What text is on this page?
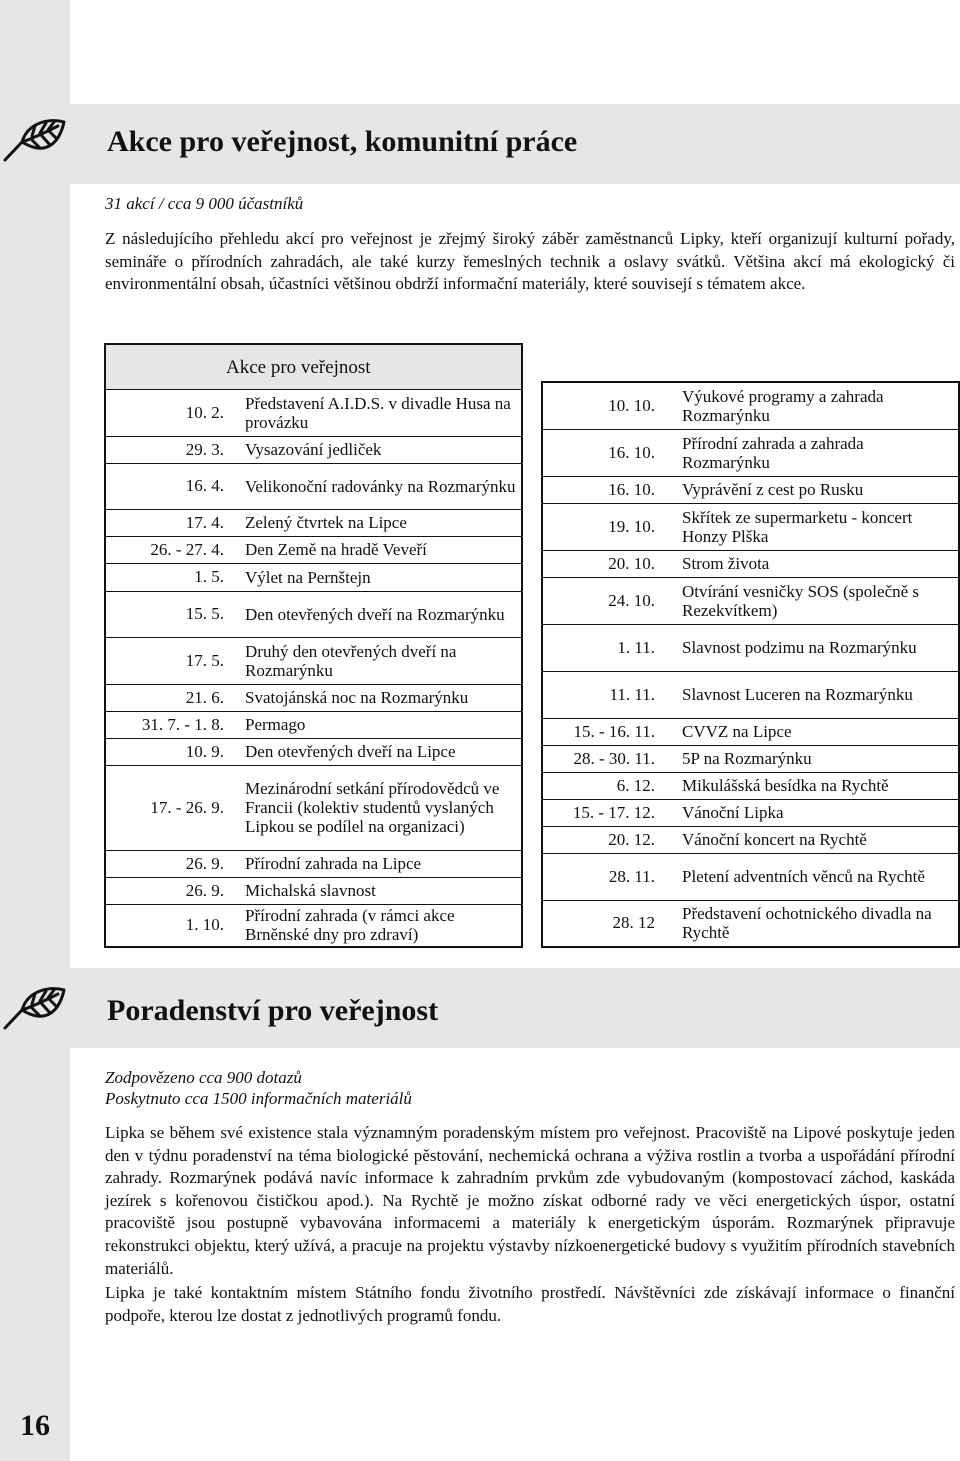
Akce pro veřejnost, komunitní práce
31 akcí / cca 9 000 účastníků

Z následujícího přehledu akcí pro veřejnost je zřejmý široký záběr zaměstnanců Lipky, kteří organizují kulturní pořady, semináře o přírodních zahradách, ale také kurzy řemeslných technik a oslavy svátků. Většina akcí má ekologický či environmentální obsah, účastníci většinou obdrží informační materiály, které souvisejí s tématem akce.

Akce pro veřejnost
10. 2. Představení A.I.D.S. v divadle Husa na provázku
29. 3. Vysazování jedliček
16. 4. Velikonoční radovánky na Rozmarýnku
17. 4. Zelený čtvrtek na Lipce
26. - 27. 4. Den Země na hradě Veveří
1. 5. Výlet na Pernštejn
15. 5. Den otevřených dveří na Rozmarýnku
17. 5. Druhý den otevřených dveří na Rozmarýnku
21. 6. Svatojánská noc na Rozmarýnku
31. 7. - 1. 8. Permago
10. 9. Den otevřených dveří na Lipce
17. - 26. 9.
Mezinárodní setkání přírodovědců ve Francii (kolektiv studentů vyslaných Lipkou se podílel na organizaci)
26. 9. Přírodní zahrada na Lipce
26. 9. Michalská slavnost
1. 10. Přírodní zahrada (v rámci akce Brněnské dny pro zdraví)
10. 10. Výukové programy a zahrada Rozmarýnku
16. 10. Přírodní zahrada a zahrada Rozmarýnku
16. 10. Vyprávění z cest po Rusku
19. 10. Skřítek ze supermarketu - koncert Honzy Plška
20. 10. Strom života
24. 10. Otvírání vesničky SOS (společně s Rezekvítkem)
1. 11. Slavnost podzimu na Rozmarýnku
11. 11. Slavnost Luceren na Rozmarýnku
15. - 16. 11. CVVZ na Lipce
28. - 30. 11. 5P na Rozmarýnku
6. 12. Mikulášská besídka na Rychtě
15. - 17. 12. Vánoční Lipka
20. 12. Vánoční koncert na Rychtě
28. 11. Pletení adventních věnců na Rychtě
28. 12 Představení ochotnického divadla na Rychtě
Poradenství pro veřejnost
Zodpovězeno cca 900 dotazů
Poskytnuto cca 1500 informačních materiálů

Lipka se během své existence stala významným poradenským místem pro veřejnost. Pracoviště na Lipové poskytuje jeden den v týdnu poradenství na téma biologické pěstování, nechemická ochrana a výživa rostlin a tvorba a uspořádání přírodní zahrady. Rozmarýnek podává navíc informace k zahradním prvkům zde vybudovaným (kompostovací záchod, kaskáda jezírek s kořenovou čističkou apod.). Na Rychtě je možno získat odborné rady ve věci energetických úspor, ostatní pracoviště jsou postupně vybavována informacemi a materiály k energetickým úsporám. Rozmarýnek připravuje rekonstrukci objektu, který užívá, a pracuje na projektu výstavby nízkoenergetické budovy s využitím přírodních stavebních materiálů.

Lipka je také kontaktním místem Státního fondu životního prostředí. Návštěvníci zde získávají informace o finanční podpoře, kterou lze dostat z jednotlivých programů fondu.

16
